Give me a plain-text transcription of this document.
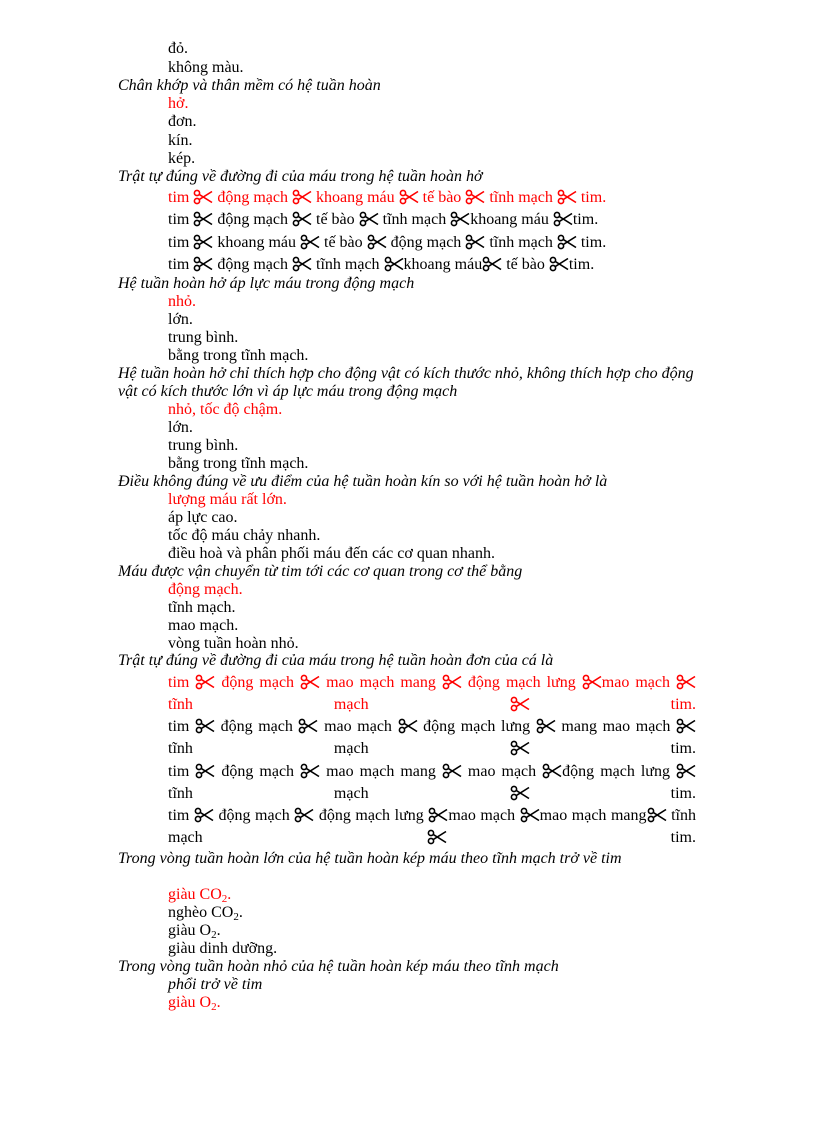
đỏ.
không màu.
Chân khớp và thân mềm có hệ tuần hoàn
hở.
đơn.
kín.
kép.
Trật tự đúng về đường đi của máu trong hệ tuần hoàn hở
tim
động mạch
khoang máu
tế bào
tĩnh mạch
tim.
tim
động mạch
tế bào
tĩnh mạch
khoang máu
tim.
tim
khoang máu
tế bào
động mạch
tĩnh mạch
tim.
tim
động mạch
tĩnh mạch
khoang máu
tế bào
tim.
Hệ tuần hoàn hở áp lực máu trong động mạch
nhỏ.
lớn.
trung bình.
bằng trong tĩnh mạch.
Hệ tuần hoàn hở chỉ thích hợp cho động vật có kích thước nhỏ, không thích hợp cho động vật có kích thước lớn vì áp lực máu trong động mạch
nhỏ, tốc độ chậm.
lớn.
trung bình.
bằng trong tĩnh mạch.
Điều không đúng về ưu điểm của hệ tuần hoàn kín so với hệ tuần hoàn hở là
lượng máu rất lớn.
áp lực cao.
tốc độ máu chảy nhanh.
điều hoà và phân phối máu đến các cơ quan nhanh.
Máu được vận chuyển từ tim tới các cơ quan trong cơ thể bằng
động mạch.
tĩnh mạch.
mao mạch.
vòng tuần hoàn nhỏ.
Trật tự đúng về đường đi của máu trong hệ tuần hoàn đơn của cá là
tim
động mạch
mao mạch mang
động mạch lưng
mao mạch
tĩnh mạch
tim.
tim
động mạch
mao mạch
động mạch lưng
mang mao mạch
tĩnh mạch
tim.
tim
động mạch
mao mạch mang
mao mạch
động mạch lưng
tĩnh mạch
tim.
tim
động mạch
động mạch lưng
mao mạch
mao mạch mang
tĩnh mạch
tim.
Trong vòng tuần hoàn lớn của hệ tuần hoàn kép máu theo tĩnh mạch trở về tim
giàu CO2.
nghèo CO2.
giàu O2.
giàu dinh dưỡng.
Trong vòng tuần hoàn nhỏ của hệ tuần hoàn kép máu theo tĩnh mạch
phổi trở về tim
giàu O2.
